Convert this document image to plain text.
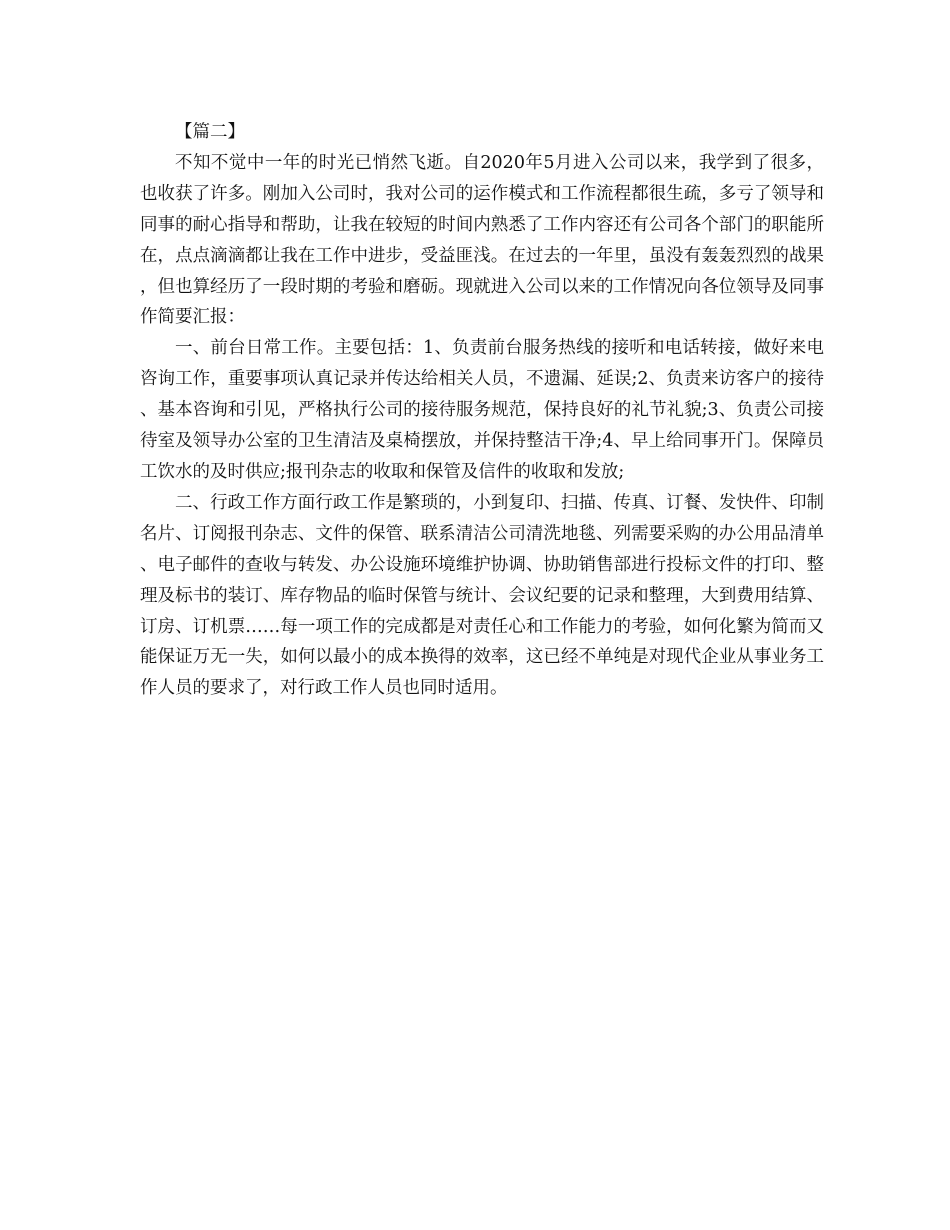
【篇二】

不知不觉中一年的时光已悄然飞逝。自2020年5月进入公司以来，我学到了很多，也收获了许多。刚加入公司时，我对公司的运作模式和工作流程都很生疏，多亏了领导和同事的耐心指导和帮助，让我在较短的时间内熟悉了工作内容还有公司各个部门的职能所在，点点滴滴都让我在工作中进步，受益匪浅。在过去的一年里，虽没有轰轰烈烈的战果，但也算经历了一段时期的考验和磨砺。现就进入公司以来的工作情况向各位领导及同事作简要汇报：

一、前台日常工作。主要包括：1、负责前台服务热线的接听和电话转接，做好来电咨询工作，重要事项认真记录并传达给相关人员，不遗漏、延误;2、负责来访客户的接待、基本咨询和引见，严格执行公司的接待服务规范，保持良好的礼节礼貌;3、负责公司接待室及领导办公室的卫生清洁及桌椅摆放，并保持整洁干净;4、早上给同事开门。保障员工饮水的及时供应;报刊杂志的收取和保管及信件的收取和发放;

二、行政工作方面行政工作是繁琐的，小到复印、扫描、传真、订餐、发快件、印制名片、订阅报刊杂志、文件的保管、联系清洁公司清洗地毯、列需要采购的办公用品清单、电子邮件的查收与转发、办公设施环境维护协调、协助销售部进行投标文件的打印、整理及标书的装订、库存物品的临时保管与统计、会议纪要的记录和整理，大到费用结算、订房、订机票……每一项工作的完成都是对责任心和工作能力的考验，如何化繁为简而又能保证万无一失，如何以最小的成本换得的效率，这已经不单纯是对现代企业从事业务工作人员的要求了，对行政工作人员也同时适用。
